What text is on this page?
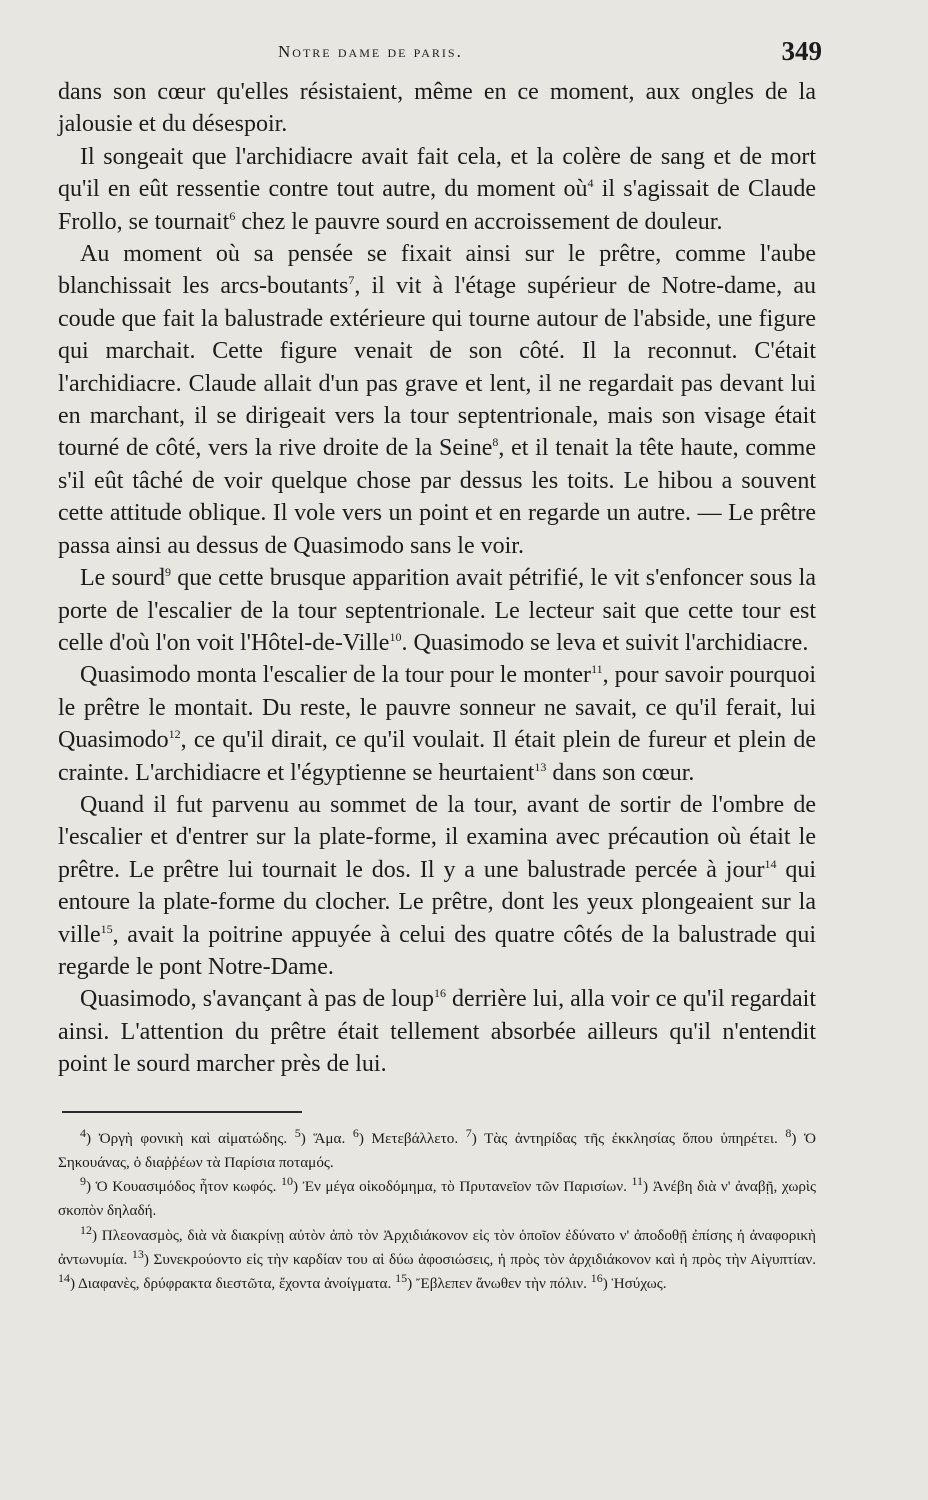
Notre dame de paris.	349

dans son cœur qu'elles résistaient, même en ce moment, aux ongles de la jalousie et du désespoir.

Il songeait que l'archidiacre avait fait cela, et la colère de sang et de mort qu'il en eût ressentie contre tout autre, du moment $où^4$ il s'agissait de Claude Frollo, se tournait$^6$ chez le pauvre sourd en accroissement de douleur.

Au moment où sa pensée se fixait ainsi sur le prêtre, comme l'aube blanchissait les arcs-boutants$^7$, il vit à l'étage supérieur de Notre-dame, au coude que fait la balustrade extérieure qui tourne autour de l'abside, une figure qui marchait. Cette figure venait de son côté. Il la reconnut. C'était l'archidiacre. Claude allait d'un pas grave et lent, il ne regardait pas devant lui en marchant, il se dirigeait vers la tour septentrionale, mais son visage était tourné de côté, vers la rive droite de la Seine$^8$, et il tenait la tête haute, comme s'il eût tâché de voir quelque chose par dessus les toits. Le hibou a souvent cette attitude oblique. Il vole vers un point et en regarde un autre. — Le prêtre passa ainsi au dessus de Quasimodo sans le voir.

Le sourd$^9$ que cette brusque apparition avait pétrifié, le vit s'enfoncer sous la porte de l'escalier de la tour septentrionale. Le lecteur sait que cette tour est celle d'où l'on voit l'Hôtel-de-Ville$^{10}$. Quasimodo se leva et suivit l'archidiacre.

Quasimodo monta l'escalier de la tour pour le monter$^{11}$, pour savoir pourquoi le prêtre le montait. Du reste, le pauvre sonneur ne savait, ce qu'il ferait, lui Quasimodo$^{12}$, ce qu'il dirait, ce qu'il voulait. Il était plein de fureur et plein de crainte. L'archidiacre et l'égyptienne se heurtaient$^{13}$ dans son cœur.

Quand il fut parvenu au sommet de la tour, avant de sortir de l'ombre de l'escalier et d'entrer sur la plate-forme, il examina avec précaution où était le prêtre. Le prêtre lui tournait le dos. Il y a une balustrade percée à jour$^{14}$ qui entoure la plate-forme du clocher. Le prêtre, dont les yeux plongeaient sur la ville$^{15}$, avait la poitrine appuyée à celui des quatre côtés de la balustrade qui regarde le pont Notre-Dame.

Quasimodo, s'avançant à pas de loup$^{16}$ derrière lui, alla voir ce qu'il regardait ainsi. L'attention du prêtre était tellement absorbée ailleurs qu'il n'entendit point le sourd marcher près de lui.

$^4$) Ὀργὴ φονικὴ καὶ αἱματώδης. $^5$) Ἅμα. $^6$) Μετεβάλλετο. $^7$) Τὰς ἀντηρίδας τῆς ἐκκλησίας ὅπου ὑπηρέτει. $^8$) Ὁ Σηκουάνας, ὁ διαῤῥέων τὰ Παρίσια ποταμός.

$^9$) Ὁ Κουασιμόδος ἦτον κωφός. $^{10}$) Ἐν μέγα οἰκοδόμημα, τὸ Πρυτανεῖον τῶν Παρισίων. $^{11}$) Ἀνέβη διὰ ν' ἀναβῇ, χωρὶς σκοπὸν δηλαδή.

$^{12}$) Πλεονασμὸς, διὰ νὰ διακρίνῃ αὐτὸν ἀπὸ τὸν Ἀρχιδιάκονον εἰς τὸν ὁποῖον ἐδύνατο ν' ἀποδοθῇ ἐπίσης ἡ ἀναφορικὴ ἀντωνυμία. $^{13}$) Συνεκρούοντο εἰς τὴν καρδίαν του αἱ δύω ἀφοσιώσεις, ἡ πρὸς τὸν ἀρχιδιάκονον καὶ ἡ πρὸς τὴν Αἰγυπτίαν. $^{14}$) Διαφανὲς, δρύφρακτα διεστῶτα, ἔχοντα ἀνοίγματα. $^{15}$) Ἔβλεπεν ἄνωθεν τὴν πόλιν. $^{16}$) Ἡσύχως.
